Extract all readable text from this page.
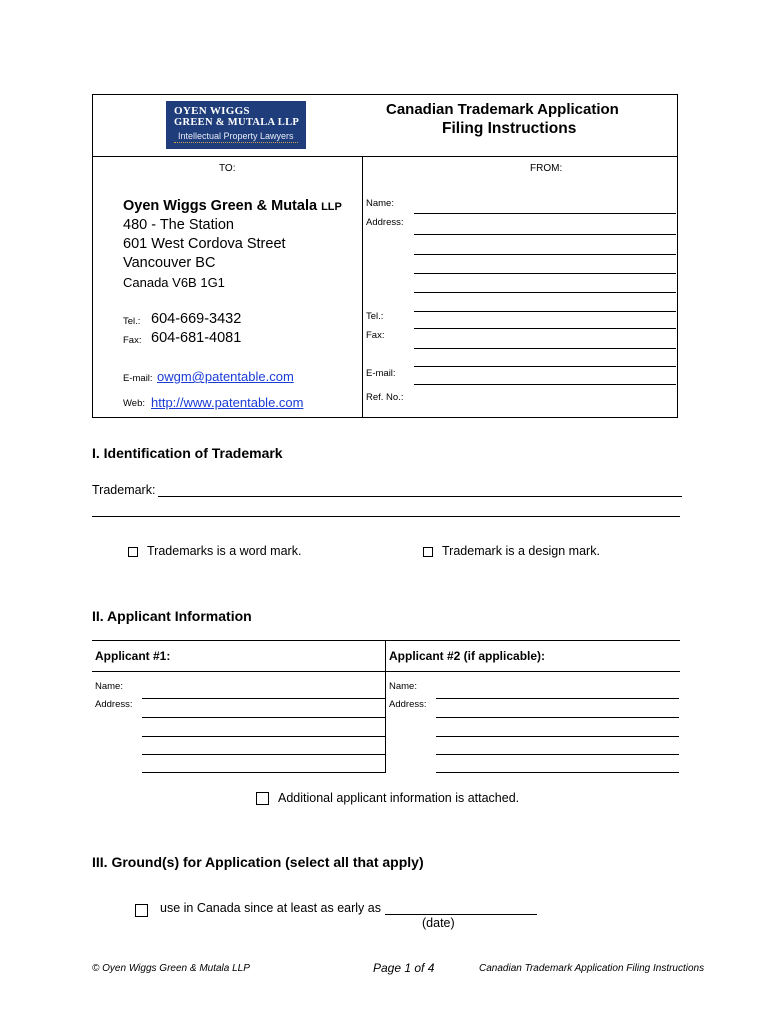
OYEN WIGGS
GREEN & MUTALA LLP
Intellectual Property Lawyers
Canadian Trademark Application
Filing Instructions
TO:	FROM:
Oyen Wiggs Green & Mutala LLP
480 - The Station
601 West Cordova Street
Vancouver BC
Canada V6B 1G1
Tel.: 604-669-3432
Fax: 604-681-4081
E-mail: owgm@patentable.com
Web: http://www.patentable.com
Name:
Address:
Tel.:
Fax:
E-mail:
Ref. No.:
I. Identification of Trademark
Trademark:
Trademarks is a word mark.	Trademark is a design mark.
II. Applicant Information
Applicant #1:	Applicant #2 (if applicable):
Name:
Address:
Name:
Address:
Additional applicant information is attached.
III. Ground(s) for Application (select all that apply)
use in Canada since at least as early as
(date)
© Oyen Wiggs Green & Mutala LLP	Page 1 of 4	Canadian Trademark Application Filing Instructions
